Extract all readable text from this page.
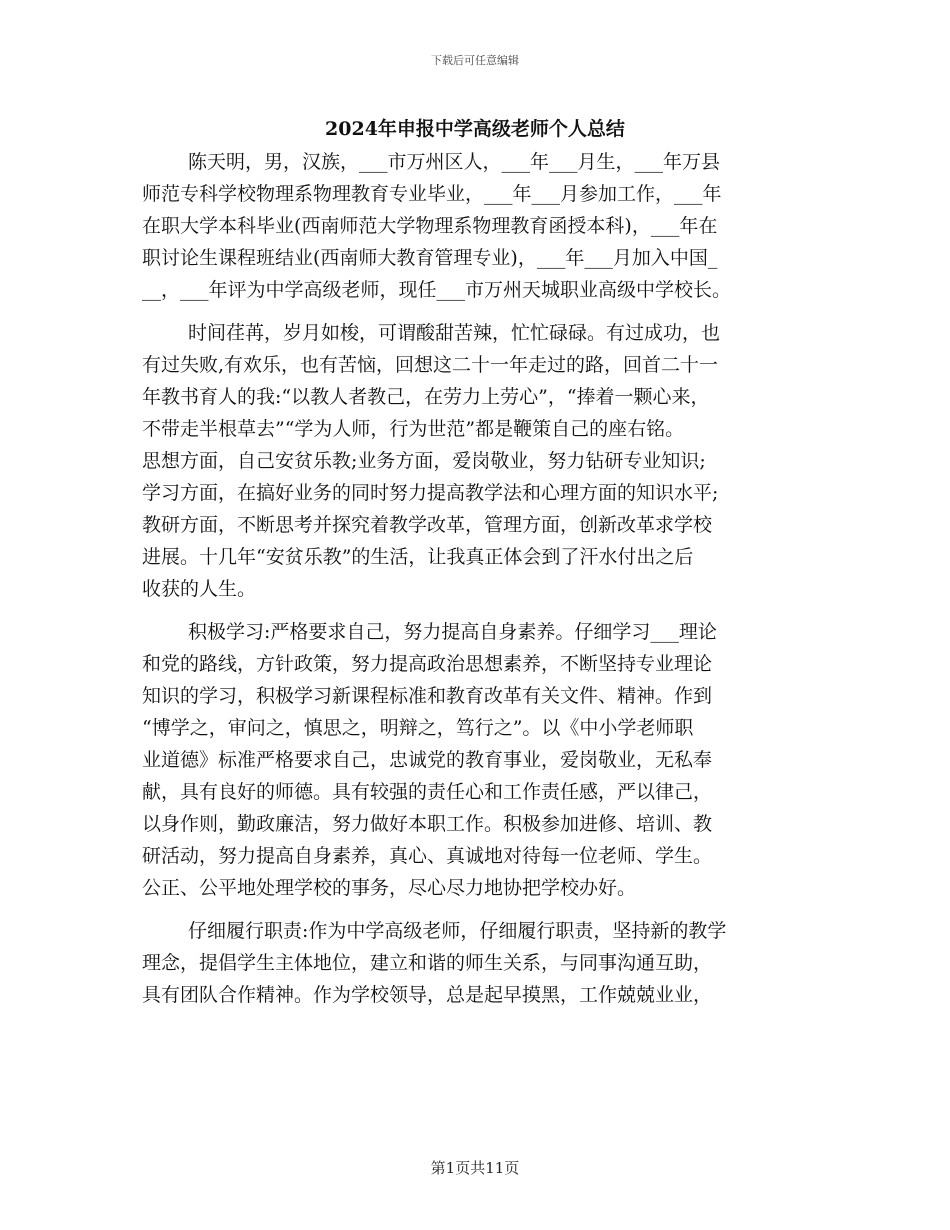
下载后可任意编辑
2024年申报中学高级老师个人总结
陈天明，男，汉族，___市万州区人，___年___月生，___年万县
师范专科学校物理系物理教育专业毕业，___年___月参加工作，___年
在职大学本科毕业(西南师范大学物理系物理教育函授本科)，___年在
职讨论生课程班结业(西南师大教育管理专业)，___年___月加入中国_
__，___年评为中学高级老师，现任___市万州天城职业高级中学校长。
时间荏苒，岁月如梭，可谓酸甜苦辣，忙忙碌碌。有过成功，也
有过失败,有欢乐，也有苦恼，回想这二十一年走过的路，回首二十一
年教书育人的我:“以教人者教己，在劳力上劳心”，“捧着一颗心来，
不带走半根草去”“学为人师，行为世范”都是鞭策自己的座右铭。
思想方面，自己安贫乐教;业务方面，爱岗敬业，努力钻研专业知识;
学习方面，在搞好业务的同时努力提高教学法和心理方面的知识水平;
教研方面，不断思考并探究着教学改革，管理方面，创新改革求学校
进展。十几年“安贫乐教”的生活，让我真正体会到了汗水付出之后
收获的人生。
积极学习:严格要求自己，努力提高自身素养。仔细学习___理论
和党的路线，方针政策，努力提高政治思想素养，不断坚持专业理论
知识的学习，积极学习新课程标准和教育改革有关文件、精神。作到
“博学之，审问之，慎思之，明辩之，笃行之”。以《中小学老师职
业道德》标准严格要求自己，忠诚党的教育事业，爱岗敬业，无私奉
献，具有良好的师德。具有较强的责任心和工作责任感，严以律己，
以身作则，勤政廉洁，努力做好本职工作。积极参加进修、培训、教
研活动，努力提高自身素养，真心、真诚地对待每一位老师、学生。
公正、公平地处理学校的事务，尽心尽力地协把学校办好。
仔细履行职责:作为中学高级老师，仔细履行职责，坚持新的教学
理念，提倡学生主体地位，建立和谐的师生关系，与同事沟通互助，
具有团队合作精神。作为学校领导，总是起早摸黑，工作兢兢业业，
第1页共11页
